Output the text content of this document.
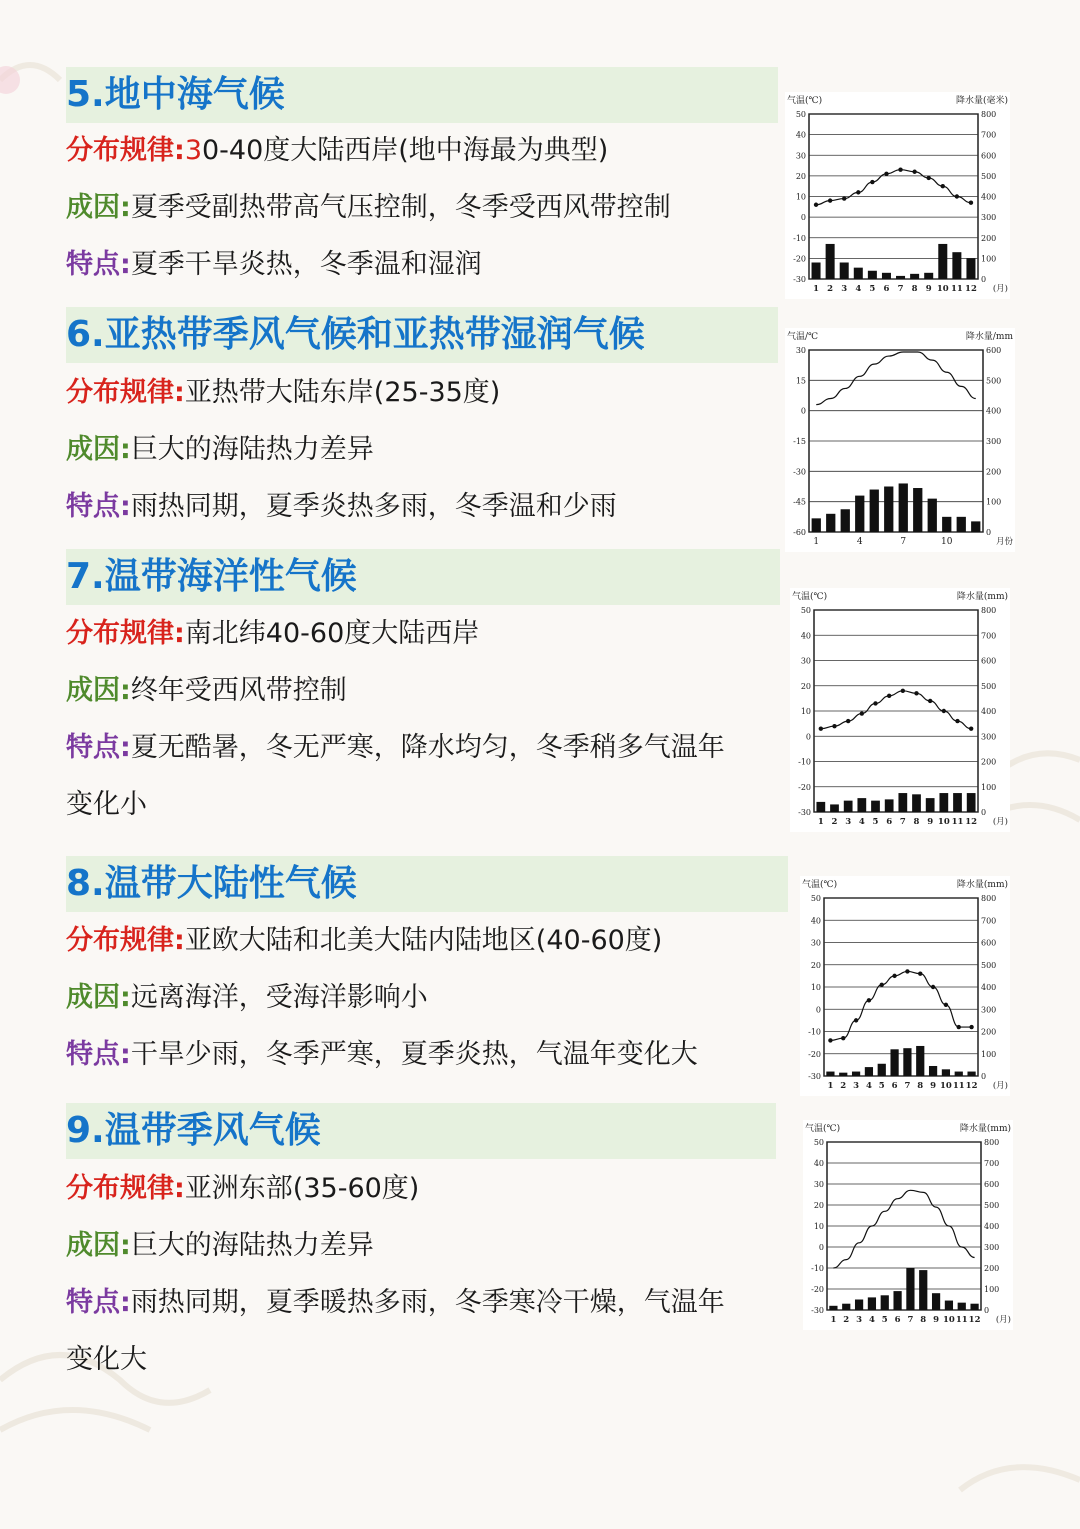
5.地中海气候
分布规律:30-40度大陆西岸(地中海最为典型)
成因:夏季受副热带高气压控制，冬季受西风带控制
特点:夏季干旱炎热，冬季温和湿润
气温(℃)	降水量(毫米)
50
40
30
20
10
0
-10
-20
-30
800
700
600
500
400
300
200
100
0
1 2 3 4 5 6 7 8 9 10 11 12 (月)
6.亚热带季风气候和亚热带湿润气候
分布规律:亚热带大陆东岸(25-35度)
成因:巨大的海陆热力差异
特点:雨热同期，夏季炎热多雨，冬季温和少雨
气温/℃	降水量/mm
30
15
0
-15
-30
-45
-60
600
500
400
300
200
100
0
1	4	7	10	月份
7.温带海洋性气候
分布规律:南北纬40-60度大陆西岸
成因:终年受西风带控制
特点:夏无酷暑，冬无严寒，降水均匀，冬季稍多气温年
变化小
气温(℃)	降水量(mm)
50
40
30
20
10
0
-10
-20
-30
800
700
600
500
400
300
200
100
0
1 2 3 4 5 6 7 8 9 10 11 12 (月)
8.温带大陆性气候
分布规律:亚欧大陆和北美大陆内陆地区(40-60度)
成因:远离海洋，受海洋影响小
特点:干旱少雨，冬季严寒，夏季炎热，气温年变化大
气温(℃)	降水量(mm)
50
40
30
20
10
0
-10
-20
-30
800
700
600
500
400
300
200
100
0
1 2 3 4 5 6 7 8 9 10 11 12 (月)
9.温带季风气候
分布规律:亚洲东部(35-60度)
成因:巨大的海陆热力差异
特点:雨热同期，夏季暖热多雨，冬季寒冷干燥，气温年
变化大
气温(℃)	降水量(mm)
50
40
30
20
10
0
-10
-20
-30
800
700
600
500
400
300
200
100
0
1 2 3 4 5 6 7 8 9 10 11 12 (月)
